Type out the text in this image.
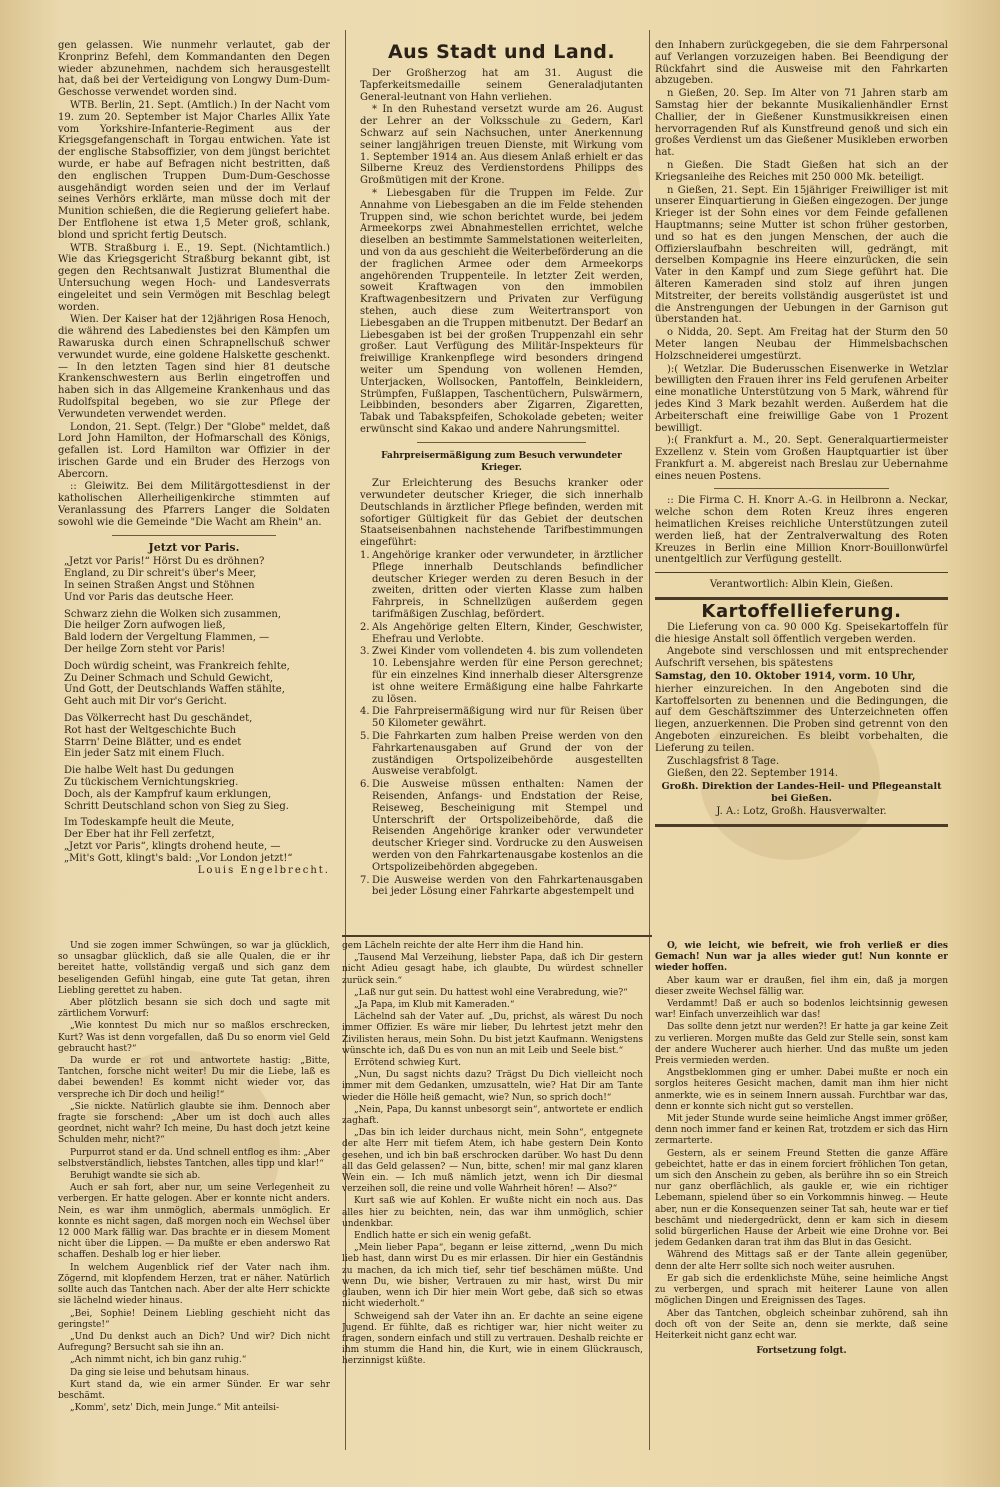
gen gelassen. Wie nunmehr verlautet, gab der Kronprinz Befehl, dem Kommandanten den Degen wieder abzunehmen, nachdem sich herausgestellt hat, daß bei der Verteidigung von Longwy Dum-Dum-Geschosse verwendet worden sind.

WTB. Berlin, 21. Sept. (Amtlich.) In der Nacht vom 19. zum 20. September ist Major Charles Allix Yate vom Yorkshire-Infanterie-Regiment aus der Kriegsgefangenschaft in Torgau entwichen. Yate ist der englische Stabsoffizier, von dem jüngst berichtet wurde, er habe auf Befragen nicht bestritten, daß den englischen Truppen Dum-Dum-Geschosse ausgehändigt worden seien und der im Verlauf seines Verhörs erklärte, man müsse doch mit der Munition schießen, die die Regierung geliefert habe. Der Entflohene ist etwa 1,5 Meter groß, schlank, blond und spricht fertig Deutsch.

WTB. Straßburg i. E., 19. Sept. (Nichtamtlich.) Wie das Kriegsgericht Straßburg bekannt gibt, ist gegen den Rechtsanwalt Justizrat Blumenthal die Untersuchung wegen Hoch- und Landesverrats eingeleitet und sein Vermögen mit Beschlag belegt worden.

Wien. Der Kaiser hat der 12jährigen Rosa Henoch, die während des Labedienstes bei den Kämpfen um Rawaruska durch einen Schrapnellschuß schwer verwundet wurde, eine goldene Halskette geschenkt. — In den letzten Tagen sind hier 81 deutsche Krankenschwestern aus Berlin eingetroffen und haben sich in das Allgemeine Krankenhaus und das Rudolfspital begeben, wo sie zur Pflege der Verwundeten verwendet werden.

London, 21. Sept. (Telgr.) Der "Globe" meldet, daß Lord John Hamilton, der Hofmarschall des Königs, gefallen ist. Lord Hamilton war Offizier in der irischen Garde und ein Bruder des Herzogs von Abercorn.

:: Gleiwitz. Bei dem Militärgottesdienst in der katholischen Allerheiligenkirche stimmten auf Veranlassung des Pfarrers Langer die Soldaten sowohl wie die Gemeinde "Die Wacht am Rhein" an.

Jetzt vor Paris.

„Jetzt vor Paris!“ Hörst Du es dröhnen?

England, zu Dir schreit's über's Meer,

In seinen Straßen Angst und Stöhnen

Und vor Paris das deutsche Heer.

Schwarz ziehn die Wolken sich zusammen,

Die heilger Zorn aufwogen ließ,

Bald lodern der Vergeltung Flammen, —

Der heilge Zorn steht vor Paris!

Doch würdig scheint, was Frankreich fehlte,

Zu Deiner Schmach und Schuld Gewicht,

Und Gott, der Deutschlands Waffen stählte,

Geht auch mit Dir vor's Gericht.

Das Völkerrecht hast Du geschändet,

Rot hast der Weltgeschichte Buch

Starrn' Deine Blätter, und es endet

Ein jeder Satz mit einem Fluch.

Die halbe Welt hast Du gedungen

Zu tückischem Vernichtungskrieg.

Doch, als der Kampfruf kaum erklungen,

Schritt Deutschland schon von Sieg zu Sieg.

Im Todeskampfe heult die Meute,

Der Eber hat ihr Fell zerfetzt,

„Jetzt vor Paris“, klingts drohend heute, —

„Mit's Gott, klingt's bald: „Vor London jetzt!“

Louis Engelbrecht.

Aus Stadt und Land.

Der Großherzog hat am 31. August die Tapferkeitsmedaille seinem Generaladjutanten General-leutnant von Hahn verliehen.

* In den Ruhestand versetzt wurde am 26. August der Lehrer an der Volksschule zu Gedern, Karl Schwarz auf sein Nachsuchen, unter Anerkennung seiner langjährigen treuen Dienste, mit Wirkung vom 1. September 1914 an. Aus diesem Anlaß erhielt er das Silberne Kreuz des Verdienstordens Philipps des Großmütigen mit der Krone.

* Liebesgaben für die Truppen im Felde. Zur Annahme von Liebesgaben an die im Felde stehenden Truppen sind, wie schon berichtet wurde, bei jedem Armeekorps zwei Abnahmestellen errichtet, welche dieselben an bestimmte Sammelstationen weiterleiten, und von da aus geschieht die Weiterbeförderung an die der fraglichen Armee oder dem Armeekorps angehörenden Truppenteile. In letzter Zeit werden, soweit Kraftwagen von den immobilen Kraftwagenbesitzern und Privaten zur Verfügung stehen, auch diese zum Weitertransport von Liebesgaben an die Truppen mitbenutzt. Der Bedarf an Liebesgaben ist bei der großen Truppenzahl ein sehr großer. Laut Verfügung des Militär-Inspekteurs für freiwillige Krankenpflege wird besonders dringend weiter um Spendung von wollenen Hemden, Unterjacken, Wollsocken, Pantoffeln, Beinkleidern, Strümpfen, Fußlappen, Taschentüchern, Pulswärmern, Leibbinden, besonders aber Zigarren, Zigaretten, Tabak und Tabakspfeifen, Schokolade gebeten; weiter erwünscht sind Kakao und andere Nahrungsmittel.

Fahrpreisermäßigung zum Besuch verwundeter Krieger.

Zur Erleichterung des Besuchs kranker oder verwundeter deutscher Krieger, die sich innerhalb Deutschlands in ärztlicher Pflege befinden, werden mit sofortiger Gültigkeit für das Gebiet der deutschen Staatseisenbahnen nachstehende Tarifbestimmungen eingeführt:

1. Angehörige kranker oder verwundeter, in ärztlicher Pflege innerhalb Deutschlands befindlicher deutscher Krieger werden zu deren Besuch in der zweiten, dritten oder vierten Klasse zum halben Fahrpreis, in Schnellzügen außerdem gegen tarifmäßigen Zuschlag, befördert.

2. Als Angehörige gelten Eltern, Kinder, Geschwister, Ehefrau und Verlobte.

3. Zwei Kinder vom vollendeten 4. bis zum vollendeten 10. Lebensjahre werden für eine Person gerechnet; für ein einzelnes Kind innerhalb dieser Altersgrenze ist ohne weitere Ermäßigung eine halbe Fahrkarte zu lösen.

4. Die Fahrpreisermäßigung wird nur für Reisen über 50 Kilometer gewährt.

5. Die Fahrkarten zum halben Preise werden von den Fahrkartenausgaben auf Grund der von der zuständigen Ortspolizeibehörde ausgestellten Ausweise verabfolgt.

6. Die Ausweise müssen enthalten: Namen der Reisenden, Anfangs- und Endstation der Reise, Reiseweg, Bescheinigung mit Stempel und Unterschrift der Ortspolizeibehörde, daß die Reisenden Angehörige kranker oder verwundeter deutscher Krieger sind. Vordrucke zu den Ausweisen werden von den Fahrkartenausgabe kostenlos an die Ortspolizeibehörden abgegeben.

7. Die Ausweise werden von den Fahrkartenausgaben bei jeder Lösung einer Fahrkarte abgestempelt und

den Inhabern zurückgegeben, die sie dem Fahrpersonal auf Verlangen vorzuzeigen haben. Bei Beendigung der Rückfahrt sind die Ausweise mit den Fahrkarten abzugeben.

n Gießen, 20. Sep. Im Alter von 71 Jahren starb am Samstag hier der bekannte Musikalienhändler Ernst Challier, der in Gießener Kunstmusikkreisen einen hervorragenden Ruf als Kunstfreund genoß und sich ein großes Verdienst um das Gießener Musikleben erworben hat.

n Gießen. Die Stadt Gießen hat sich an der Kriegsanleihe des Reiches mit 250 000 Mk. beteiligt.

n Gießen, 21. Sept. Ein 15jähriger Freiwilliger ist mit unserer Einquartierung in Gießen eingezogen. Der junge Krieger ist der Sohn eines vor dem Feinde gefallenen Hauptmanns; seine Mutter ist schon früher gestorben, und so hat es den jungen Menschen, der auch die Offizierslaufbahn beschreiten will, gedrängt, mit derselben Kompagnie ins Heere einzurücken, die sein Vater in den Kampf und zum Siege geführt hat. Die älteren Kameraden sind stolz auf ihren jungen Mitstreiter, der bereits vollständig ausgerüstet ist und die Anstrengungen der Uebungen in der Garnison gut überstanden hat.

o Nidda, 20. Sept. Am Freitag hat der Sturm den 50 Meter langen Neubau der Himmelsbachschen Holzschneiderei umgestürzt.

):( Wetzlar. Die Buderusschen Eisenwerke in Wetzlar bewilligten den Frauen ihrer ins Feld gerufenen Arbeiter eine monatliche Unterstützung von 5 Mark, während für jedes Kind 3 Mark bezahlt werden. Außerdem hat die Arbeiterschaft eine freiwillige Gabe von 1 Prozent bewilligt.

):( Frankfurt a. M., 20. Sept. Generalquartiermeister Exzellenz v. Stein vom Großen Hauptquartier ist über Frankfurt a. M. abgereist nach Breslau zur Uebernahme eines neuen Postens.

:: Die Firma C. H. Knorr A.-G. in Heilbronn a. Neckar, welche schon dem Roten Kreuz ihres engeren heimatlichen Kreises reichliche Unterstützungen zuteil werden ließ, hat der Zentralverwaltung des Roten Kreuzes in Berlin eine Million Knorr-Bouillonwürfel unentgeltlich zur Verfügung gestellt.

Verantwortlich: Albin Klein, Gießen.

Kartoffellieferung.

Die Lieferung von ca. 90 000 Kg. Speisekartoffeln für die hiesige Anstalt soll öffentlich vergeben werden.

Angebote sind verschlossen und mit entsprechender Aufschrift versehen, bis spätestens

Samstag, den 10. Oktober 1914, vorm. 10 Uhr,

hierher einzureichen. In den Angeboten sind die Kartoffelsorten zu benennen und die Bedingungen, die auf dem Geschäftszimmer des Unterzeichneten offen liegen, anzuerkennen. Die Proben sind getrennt von den Angeboten einzureichen. Es bleibt vorbehalten, die Lieferung zu teilen.

Zuschlagsfrist 8 Tage.

Gießen, den 22. September 1914.

Großh. Direktion der Landes-Heil- und Pflegeanstalt bei Gießen.

J. A.: Lotz, Großh. Hausverwalter.

Und sie zogen immer Schwüngen, so war ja glücklich, so unsagbar glücklich, daß sie alle Qualen, die er ihr bereitet hatte, vollständig vergaß und sich ganz dem beseligenden Gefühl hingab, eine gute Tat getan, ihren Liebling gerettet zu haben.

Aber plötzlich besann sie sich doch und sagte mit zärtlichem Vorwurf:

„Wie konntest Du mich nur so maßlos erschrecken, Kurt? Was ist denn vorgefallen, daß Du so enorm viel Geld gebraucht hast?“

Da wurde er rot und antwortete hastig: „Bitte, Tantchen, forsche nicht weiter! Du mir die Liebe, laß es dabei bewenden! Es kommt nicht wieder vor, das verspreche ich Dir doch und heilig!“

„Sie nickte. Natürlich glaubte sie ihm. Dennoch aber fragte sie forschend: „Aber um ist doch auch alles geordnet, nicht wahr? Ich meine, Du hast doch jetzt keine Schulden mehr, nicht?“

Purpurrot stand er da. Und schnell entflog es ihm: „Aber selbstverständlich, liebstes Tantchen, alles tipp und klar!“

Beruhigt wandte sie sich ab.

Auch er sah fort, aber nur, um seine Verlegenheit zu verbergen. Er hatte gelogen. Aber er konnte nicht anders. Nein, es war ihm unmöglich, abermals unmöglich. Er konnte es nicht sagen, daß morgen noch ein Wechsel über 12 000 Mark fällig war. Das brachte er in diesem Moment nicht über die Lippen. — Da mußte er eben anderswo Rat schaffen. Deshalb log er hier lieber.

In welchem Augenblick rief der Vater nach ihm. Zögernd, mit klopfendem Herzen, trat er näher. Natürlich sollte auch das Tantchen nach. Aber der alte Herr schickte sie lächelnd wieder hinaus.

„Bei, Sophie! Deinem Liebling geschieht nicht das geringste!“

„Und Du denkst auch an Dich? Und wir? Dich nicht Aufregung? Bersucht sah sie ihn an.

„Ach nimmt nicht, ich bin ganz ruhig.“

Da ging sie leise und behutsam hinaus.

Kurt stand da, wie ein armer Sünder. Er war sehr beschämt.

„Komm', setz' Dich, mein Junge.“ Mit anteilsi-

gem Lächeln reichte der alte Herr ihm die Hand hin.

„Tausend Mal Verzeihung, liebster Papa, daß ich Dir gestern nicht Adieu gesagt habe, ich glaubte, Du würdest schneller zurück sein.“

„Laß nur gut sein. Du hattest wohl eine Verabredung, wie?“

„Ja Papa, im Klub mit Kameraden.“

Lächelnd sah der Vater auf. „Du, prichst, als wärest Du noch immer Offizier. Es wäre mir lieber, Du lehrtest jetzt mehr den Zivilisten heraus, mein Sohn. Du bist jetzt Kaufmann. Wenigstens wünschte ich, daß Du es von nun an mit Leib und Seele bist.“

Errötend schwieg Kurt.

„Nun, Du sagst nichts dazu? Trägst Du Dich vielleicht noch immer mit dem Gedanken, umzusatteln, wie? Hat Dir am Tante wieder die Hölle heiß gemacht, wie? Nun, so sprich doch!“

„Nein, Papa, Du kannst unbesorgt sein“, antwortete er endlich zaghaft.

„Das bin ich leider durchaus nicht, mein Sohn“, entgegnete der alte Herr mit tiefem Atem, ich habe gestern Dein Konto gesehen, und ich bin baß erschrocken darüber. Wo hast Du denn all das Geld gelassen? — Nun, bitte, schen! mir mal ganz klaren Wein ein. — Ich muß nämlich jetzt, wenn ich Dir diesmal verzeihen soll, die reine und volle Wahrheit hören! — Also?“

Kurt saß wie auf Kohlen. Er wußte nicht ein noch aus. Das alles hier zu beichten, nein, das war ihm unmöglich, schier undenkbar.

Endlich hatte er sich ein wenig gefaßt.

„Mein lieber Papa“, begann er leise zitternd, „wenn Du mich lieb hast, dann wirst Du es mir erlassen. Dir hier ein Geständnis zu machen, da ich mich tief, sehr tief beschämen müßte. Und wenn Du, wie bisher, Vertrauen zu mir hast, wirst Du mir glauben, wenn ich Dir hier mein Wort gebe, daß sich so etwas nicht wiederholt.“

Schweigend sah der Vater ihn an. Er dachte an seine eigene Jugend. Er fühlte, daß es richtiger war, hier nicht weiter zu fragen, sondern einfach und still zu vertrauen. Deshalb reichte er ihm stumm die Hand hin, die Kurt, wie in einem Glückrausch, herzinnigst küßte.

O, wie leicht, wie befreit, wie froh verließ er dies Gemach! Nun war ja alles wieder gut! Nun konnte er wieder hoffen.

Aber kaum war er draußen, fiel ihm ein, daß ja morgen dieser zweite Wechsel fällig war.

Verdammt! Daß er auch so bodenlos leichtsinnig gewesen war! Einfach unverzeihlich war das!

Das sollte denn jetzt nur werden?! Er hatte ja gar keine Zeit zu verlieren. Morgen mußte das Geld zur Stelle sein, sonst kam der andere Wucherer auch hierher. Und das mußte um jeden Preis vermieden werden.

Angstbeklommen ging er umher. Dabei mußte er noch ein sorglos heiteres Gesicht machen, damit man ihm hier nicht anmerkte, wie es in seinem Innern aussah. Furchtbar war das, denn er konnte sich nicht gut so verstellen.

Mit jeder Stunde wurde seine heimliche Angst immer größer, denn noch immer fand er keinen Rat, trotzdem er sich das Hirn zermarterte.

Gestern, als er seinem Freund Stetten die ganze Affäre gebeichtet, hatte er das in einem forciert fröhlichen Ton getan, um sich den Anschein zu geben, als berühre ihn so ein Streich nur ganz oberflächlich, als gaukle er, wie ein richtiger Lebemann, spielend über so ein Vorkommnis hinweg. — Heute aber, nun er die Konsequenzen seiner Tat sah, heute war er tief beschämt und niedergedrückt, denn er kam sich in diesem solid bürgerlichen Hause der Arbeit wie eine Drohne vor. Bei jedem Gedanken daran trat ihm das Blut in das Gesicht.

Während des Mittags saß er der Tante allein gegenüber, denn der alte Herr sollte sich noch weiter ausruhen.

Er gab sich die erdenklichste Mühe, seine heimliche Angst zu verbergen, und sprach mit heiterer Laune von allen möglichen Dingen und Ereignissen des Tages.

Aber das Tantchen, obgleich scheinbar zuhörend, sah ihn doch oft von der Seite an, denn sie merkte, daß seine Heiterkeit nicht ganz echt war.

Fortsetzung folgt.
